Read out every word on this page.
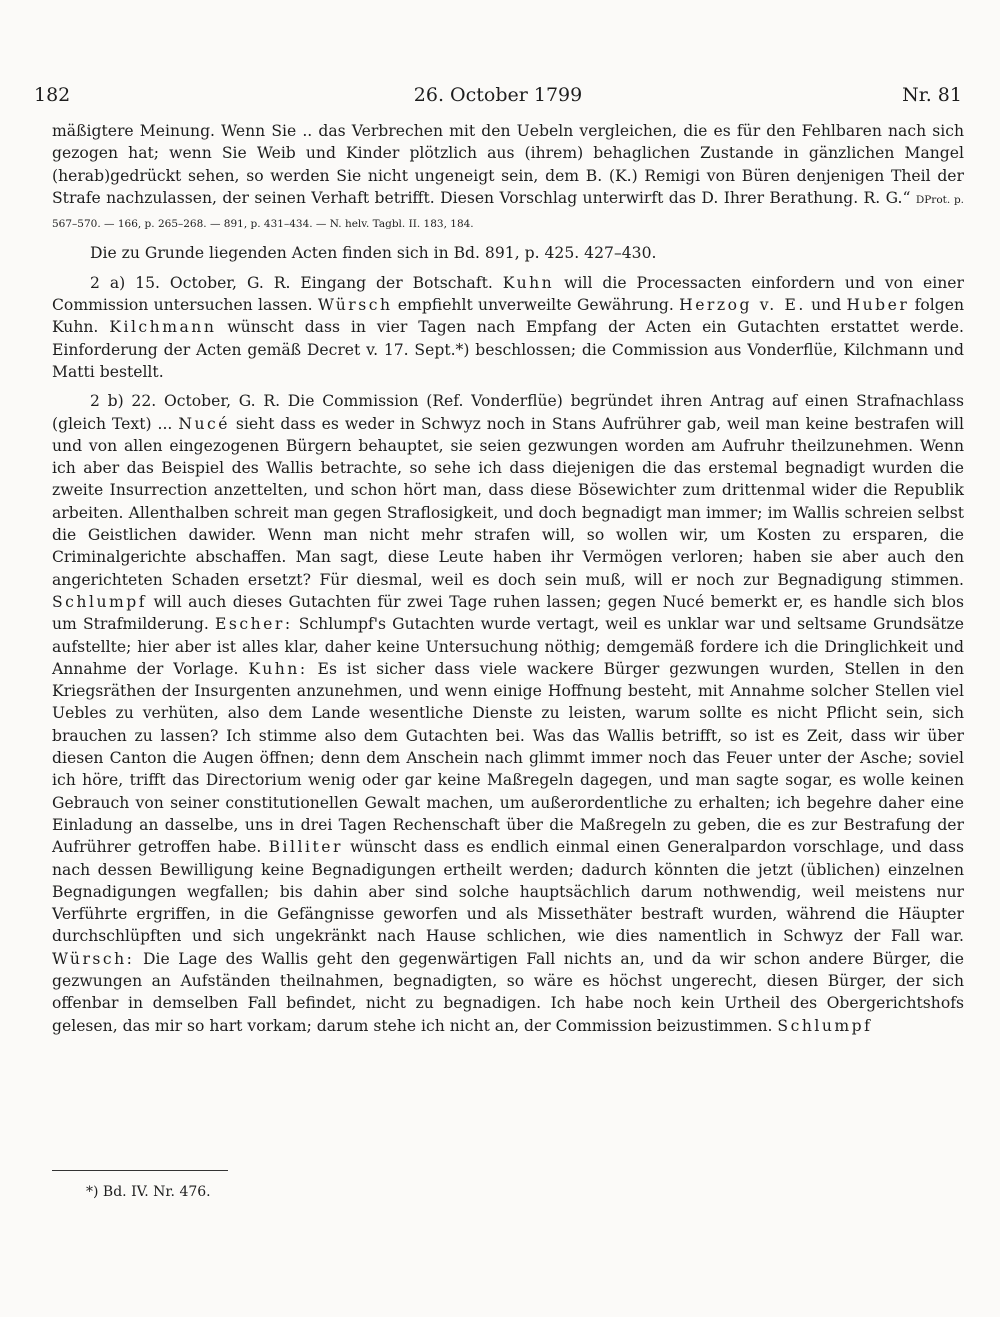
182	26. October 1799	Nr. 81

mäßigtere Meinung. Wenn Sie .. das Verbrechen mit den Uebeln vergleichen, die es für den Fehlbaren nach sich gezogen hat; wenn Sie Weib und Kinder plötzlich aus (ihrem) behaglichen Zustande in gänzlichen Mangel (herab)gedrückt sehen, so werden Sie nicht ungeneigt sein, dem B. (K.) Remigi von Büren denjenigen Theil der Strafe nachzulassen, der seinen Verhaft betrifft. Diesen Vorschlag unterwirft das D. Ihrer Berathung. R. G.“ DProt. p. 567–570. — 166, p. 265–268. — 891, p. 431–434. — N. helv. Tagbl. II. 183, 184.

Die zu Grunde liegenden Acten finden sich in Bd. 891, p. 425. 427–430.

2 a) 15. October, G. R. Eingang der Botschaft. Kuhn will die Processacten einfordern und von einer Commission untersuchen lassen. Würsch empfiehlt unverweilte Gewährung. Herzog v. E. und Huber folgen Kuhn. Kilchmann wünscht dass in vier Tagen nach Empfang der Acten ein Gutachten erstattet werde. Einforderung der Acten gemäß Decret v. 17. Sept.*) beschlossen; die Commission aus Vonderflüe, Kilchmann und Matti bestellt.

2 b) 22. October, G. R. Die Commission (Ref. Vonderflüe) begründet ihren Antrag auf einen Strafnachlass (gleich Text) ... Nucé sieht dass es weder in Schwyz noch in Stans Aufrührer gab, weil man keine bestrafen will und von allen eingezogenen Bürgern behauptet, sie seien gezwungen worden am Aufruhr theilzunehmen. Wenn ich aber das Beispiel des Wallis betrachte, so sehe ich dass diejenigen die das erstemal begnadigt wurden die zweite Insurrection anzettelten, und schon hört man, dass diese Bösewichter zum drittenmal wider die Republik arbeiten. Allenthalben schreit man gegen Straflosigkeit, und doch begnadigt man immer; im Wallis schreien selbst die Geistlichen dawider. Wenn man nicht mehr strafen will, so wollen wir, um Kosten zu ersparen, die Criminalgerichte abschaffen. Man sagt, diese Leute haben ihr Vermögen verloren; haben sie aber auch den angerichteten Schaden ersetzt? Für diesmal, weil es doch sein muß, will er noch zur Begnadigung stimmen. Schlumpf will auch dieses Gutachten für zwei Tage ruhen lassen; gegen Nucé bemerkt er, es handle sich blos um Strafmilderung. Escher: Schlumpf's Gutachten wurde vertagt, weil es unklar war und seltsame Grundsätze aufstellte; hier aber ist alles klar, daher keine Untersuchung nöthig; demgemäß fordere ich die Dringlichkeit und Annahme der Vorlage. Kuhn: Es ist sicher dass viele wackere Bürger gezwungen wurden, Stellen in den Kriegsräthen der Insurgenten anzunehmen, und wenn einige Hoffnung besteht, mit Annahme solcher Stellen viel Uebles zu verhüten, also dem Lande wesentliche Dienste zu leisten, warum sollte es nicht Pflicht sein, sich brauchen zu lassen? Ich stimme also dem Gutachten bei. Was das Wallis betrifft, so ist es Zeit, dass wir über diesen Canton die Augen öffnen; denn dem Anschein nach glimmt immer noch das Feuer unter der Asche; soviel ich höre, trifft das Directorium wenig oder gar keine Maßregeln dagegen, und man sagte sogar, es wolle keinen Gebrauch von seiner constitutionellen Gewalt machen, um außerordentliche zu erhalten; ich begehre daher eine Einladung an dasselbe, uns in drei Tagen Rechenschaft über die Maßregeln zu geben, die es zur Bestrafung der Aufrührer getroffen habe. Billiter wünscht dass es endlich einmal einen Generalpardon vorschlage, und dass nach dessen Bewilligung keine Begnadigungen ertheilt werden; dadurch könnten die jetzt (üblichen) einzelnen Begnadigungen wegfallen; bis dahin aber sind solche hauptsächlich darum nothwendig, weil meistens nur Verführte ergriffen, in die Gefängnisse geworfen und als Missethäter bestraft wurden, während die Häupter durchschlüpften und sich ungekränkt nach Hause schlichen, wie dies namentlich in Schwyz der Fall war. Würsch: Die Lage des Wallis geht den gegenwärtigen Fall nichts an, und da wir schon andere Bürger, die gezwungen an Aufständen theilnahmen, begnadigten, so wäre es höchst ungerecht, diesen Bürger, der sich offenbar in demselben Fall befindet, nicht zu begnadigen. Ich habe noch kein Urtheil des Obergerichtshofs gelesen, das mir so hart vorkam; darum stehe ich nicht an, der Commission beizustimmen. Schlumpf

*) Bd. IV. Nr. 476.
